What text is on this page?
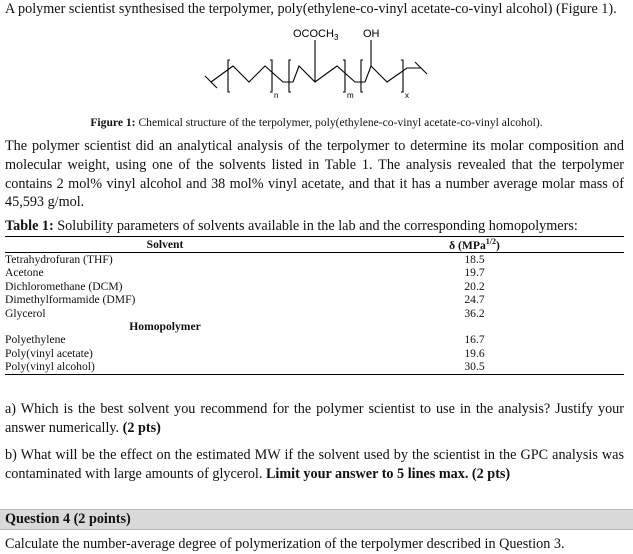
A polymer scientist synthesised the terpolymer, poly(ethylene-co-vinyl acetate-co-vinyl alcohol) (Figure 1).
$OCOCH_3$ OH
n	m	x
Figure 1: Chemical structure of the terpolymer, poly(ethylene-co-vinyl acetate-co-vinyl alcohol).
The polymer scientist did an analytical analysis of the terpolymer to determine its molar composition and molecular weight, using one of the solvents listed in Table 1. The analysis revealed that the terpolymer contains 2 mol% vinyl alcohol and 38 mol% vinyl acetate, and that it has a number average molar mass of 45,593 g/mol.
Table 1: Solubility parameters of solvents available in the lab and the corresponding homopolymers:
Solvent	δ (MPa$^{1/2}$)
Tetrahydrofuran (THF)	18.5
Acetone	19.7
Dichloromethane (DCM)	20.2
Dimethylformamide (DMF)	24.7
Glycerol	36.2
Homopolymer	
Polyethylene	16.7
Poly(vinyl acetate)	19.6
Poly(vinyl alcohol)	30.5
a) Which is the best solvent you recommend for the polymer scientist to use in the analysis? Justify your answer numerically. (2 pts)
b) What will be the effect on the estimated MW if the solvent used by the scientist in the GPC analysis was contaminated with large amounts of glycerol. Limit your answer to 5 lines max. (2 pts)
Question 4 (2 points)
Calculate the number-average degree of polymerization of the terpolymer described in Question 3.
